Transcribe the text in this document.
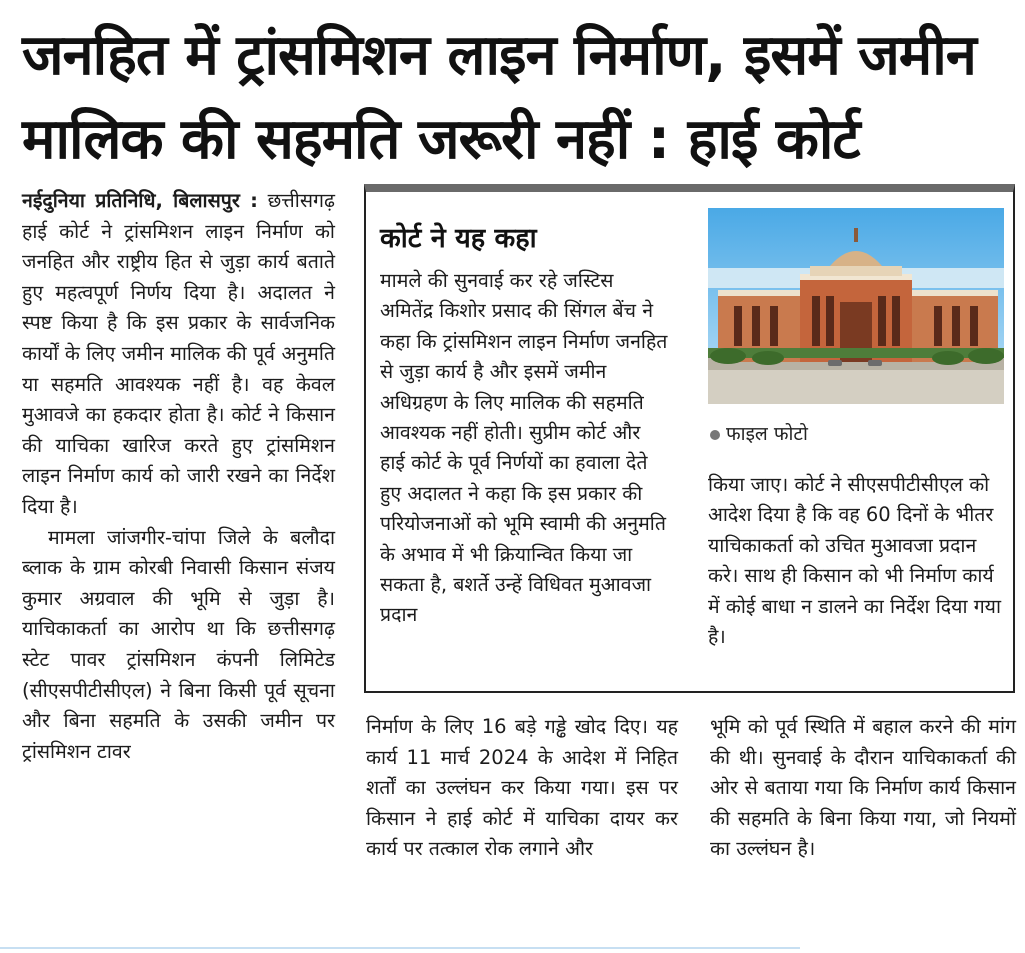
जनहित में ट्रांसमिशन लाइन निर्माण, इसमें जमीन मालिक की सहमति जरूरी नहीं : हाई कोर्ट

नईदुनिया प्रतिनिधि, बिलासपुर : छत्तीसगढ़ हाई कोर्ट ने ट्रांसमिशन लाइन निर्माण को जनहित और राष्ट्रीय हित से जुड़ा कार्य बताते हुए महत्वपूर्ण निर्णय दिया है। अदालत ने स्पष्ट किया है कि इस प्रकार के सार्वजनिक कार्यों के लिए जमीन मालिक की पूर्व अनुमति या सहमति आवश्यक नहीं है। वह केवल मुआवजे का हकदार होता है। कोर्ट ने किसान की याचिका खारिज करते हुए ट्रांसमिशन लाइन निर्माण कार्य को जारी रखने का निर्देश दिया है।

मामला जांजगीर-चांपा जिले के बलौदा ब्लाक के ग्राम कोरबी निवासी किसान संजय कुमार अग्रवाल की भूमि से जुड़ा है। याचिकाकर्ता का आरोप था कि छत्तीसगढ़ स्टेट पावर ट्रांसमिशन कंपनी लिमिटेड (सीएसपीटीसीएल) ने बिना किसी पूर्व सूचना और बिना सहमति के उसकी जमीन पर ट्रांसमिशन टावर

कोर्ट ने यह कहा
मामले की सुनवाई कर रहे जस्टिस अमितेंद्र किशोर प्रसाद की सिंगल बेंच ने कहा कि ट्रांसमिशन लाइन निर्माण जनहित से जुड़ा कार्य है और इसमें जमीन अधिग्रहण के लिए मालिक की सहमति आवश्यक नहीं होती। सुप्रीम कोर्ट और हाई कोर्ट के पूर्व निर्णयों का हवाला देते हुए अदालत ने कहा कि इस प्रकार की परियोजनाओं को भूमि स्वामी की अनुमति के अभाव में भी क्रियान्वित किया जा सकता है, बशर्ते उन्हें विधिवत मुआवजा प्रदान
फाइल फोटो
किया जाए। कोर्ट ने सीएसपीटीसीएल को आदेश दिया है कि वह 60 दिनों के भीतर याचिकाकर्ता को उचित मुआवजा प्रदान करे। साथ ही किसान को भी निर्माण कार्य में कोई बाधा न डालने का निर्देश दिया गया है।
निर्माण के लिए 16 बड़े गड्ढे खोद दिए। यह कार्य 11 मार्च 2024 के आदेश में निहित शर्तों का उल्लंघन कर किया गया। इस पर किसान ने हाई कोर्ट में याचिका दायर कर कार्य पर तत्काल रोक लगाने और
भूमि को पूर्व स्थिति में बहाल करने की मांग की थी। सुनवाई के दौरान याचिकाकर्ता की ओर से बताया गया कि निर्माण कार्य किसान की सहमति के बिना किया गया, जो नियमों का उल्लंघन है।
